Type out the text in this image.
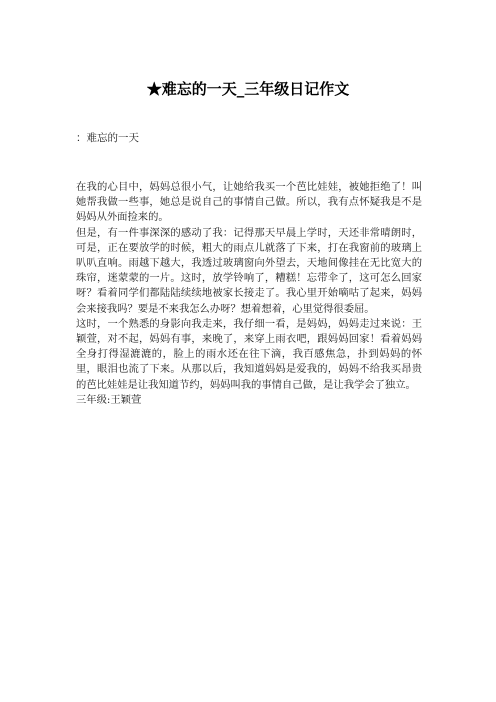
★难忘的一天_三年级日记作文

：难忘的一天

在我的心目中，妈妈总很小气，让她给我买一个芭比娃娃，被她拒绝了！叫她帮我做一些事，她总是说自己的事情自己做。所以，我有点怀疑我是不是妈妈从外面捡来的。

但是，有一件事深深的感动了我：记得那天早晨上学时，天还非常晴朗时，可是，正在要放学的时候，粗大的雨点儿就落了下来，打在我窗前的玻璃上叭叭直响。雨越下越大，我透过玻璃窗向外望去，天地间像挂在无比宽大的珠帘，迷蒙蒙的一片。这时，放学铃响了，糟糕！忘带伞了，这可怎么回家呀？看着同学们都陆陆续续地被家长接走了。我心里开始嘀咕了起来，妈妈会来接我吗？要是不来我怎么办呀？想着想着，心里觉得很委屈。

这时，一个熟悉的身影向我走来，我仔细一看，是妈妈，妈妈走过来说：王颖萱，对不起，妈妈有事，来晚了，来穿上雨衣吧，跟妈妈回家！看着妈妈全身打得湿漉漉的，脸上的雨水还在往下滴，我百感焦急，扑到妈妈的怀里，眼泪也流了下来。从那以后，我知道妈妈是爱我的，妈妈不给我买昂贵的芭比娃娃是让我知道节约，妈妈叫我的事情自己做，是让我学会了独立。

三年级:王颖萱
